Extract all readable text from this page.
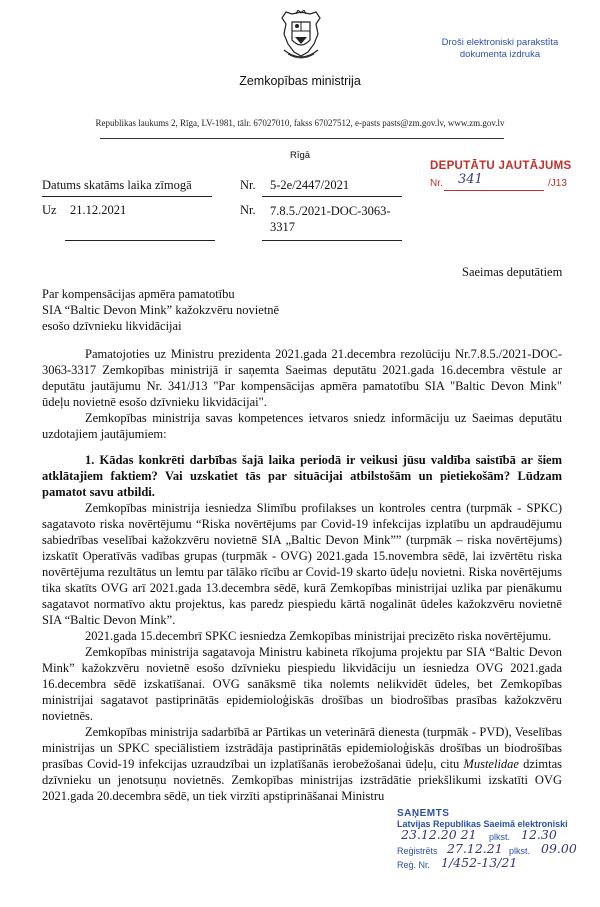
Zemkopības ministrija
Republikas laukums 2, Rīga, LV-1981, tālr. 67027010, fakss 67027512, e-pasts pasts@zm.gov.lv, www.zm.gov.lv
Droši elektroniski parakstīta
dokumenta izdruka
Rīgā
DEPUTĀTU JAUTĀJUMS
Nr. 341	/J13
Datums skatāms laika zīmogā	Nr. 5-2e/2447/2021
Uz 21.12.2021	Nr. 7.8.5./2021-DOC-3063-
3317
Saeimas deputātiem
Par kompensācijas apmēra pamatotību
SIA “Baltic Devon Mink” kažokzvēru novietnē
esošo dzīvnieku likvidācijai

Pamatojoties uz Ministru prezidenta 2021.gada 21.decembra rezolūciju Nr.7.8.5./2021-DOC-3063-3317 Zemkopības ministrijā ir saņemta Saeimas deputātu 2021.gada 16.decembra vēstule ar deputātu jautājumu Nr. 341/J13 "Par kompensācijas apmēra pamatotību SIA "Baltic Devon Mink" ūdeļu novietnē esošo dzīvnieku likvidācijai".

Zemkopības ministrija savas kompetences ietvaros sniedz informāciju uz Saeimas deputātu uzdotajiem jautājumiem:

1. Kādas konkrēti darbības šajā laika periodā ir veikusi jūsu valdība saistībā ar šiem atklātajiem faktiem? Vai uzskatiet tās par situācijai atbilstošām un pietiekošām? Lūdzam pamatot savu atbildi.

Zemkopības ministrija iesniedza Slimību profilakses un kontroles centra (turpmāk - SPKC) sagatavoto riska novērtējumu “Riska novērtējums par Covid-19 infekcijas izplatību un apdraudējumu sabiedrības veselībai kažokzvēru novietnē SIA „Baltic Devon Mink”” (turpmāk – riska novērtējums) izskatīt Operatīvās vadības grupas (turpmāk - OVG) 2021.gada 15.novembra sēdē, lai izvērtētu riska novērtējuma rezultātus un lemtu par tālāko rīcību ar Covid-19 skarto ūdeļu novietni. Riska novērtējums tika skatīts OVG arī 2021.gada 13.decembra sēdē, kurā Zemkopības ministrijai uzlika par pienākumu sagatavot normatīvo aktu projektus, kas paredz piespiedu kārtā nogalināt ūdeles kažokzvēru novietnē SIA “Baltic Devon Mink”.

2021.gada 15.decembrī SPKC iesniedza Zemkopības ministrijai precizēto riska novērtējumu.

Zemkopības ministrija sagatavoja Ministru kabineta rīkojuma projektu par SIA “Baltic Devon Mink” kažokzvēru novietnē esošo dzīvnieku piespiedu likvidāciju un iesniedza OVG 2021.gada 16.decembra sēdē izskatīšanai. OVG sanāksmē tika nolemts nelikvidēt ūdeles, bet Zemkopības ministrijai sagatavot pastiprinātās epidemioloģiskās drošības un biodrošības prasības kažokzvēru novietnēs.

Zemkopības ministrija sadarbībā ar Pārtikas un veterinārā dienesta (turpmāk - PVD), Veselības ministrijas un SPKC speciālistiem izstrādāja pastiprinātās epidemioloģiskās drošības un biodrošības prasības Covid-19 infekcijas uzraudzībai un izplatīšanās ierobežošanai ūdeļu, citu Mustelidae dzimtas dzīvnieku un jenotsuņu novietnēs. Zemkopības ministrijas izstrādātie priekšlikumi izskatīti OVG 2021.gada 20.decembra sēdē, un tiek virzīti apstiprināšanai Ministru

SAŅEMTS
Latvijas Republikas Saeimā elektroniski
23.12.20 21 plkst. 12.30
Reģistrēts 27.12.21 plkst. 09.00
Reģ. Nr. 1/452-13/21
